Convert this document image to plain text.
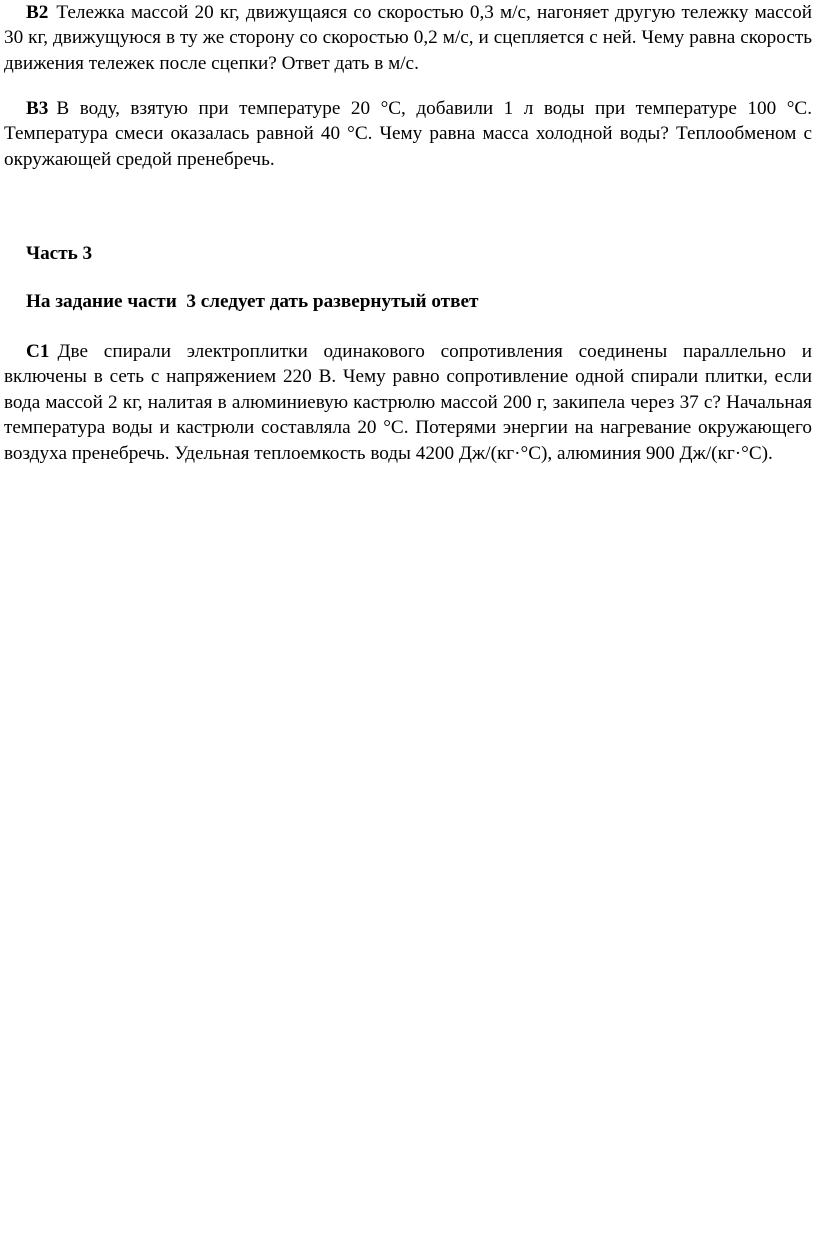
B2 Тележка массой 20 кг, движущаяся со скоростью 0,3 м/с, нагоняет другую тележку массой 30 кг, движущуюся в ту же сторону со скоростью 0,2 м/с, и сцепляется с ней. Чему равна скорость движения тележек после сцепки? Ответ дать в м/с.

B3 В воду, взятую при температуре 20 °С, добавили 1 л воды при температуре 100 °С. Температура смеси оказалась равной 40 °С. Чему равна масса холодной воды? Теплообменом с окружающей средой пренебречь.

Часть 3

На задание части  3 следует дать развернутый ответ

С1 Две спирали электроплитки одинакового сопротивления соединены параллельно и включены в сеть с напряжением 220 В. Чему равно сопротивление одной спирали плитки, если вода массой 2 кг, налитая в алюминиевую кастрюлю массой 200 г, закипела через 37 с? Начальная температура воды и кастрюли составляла 20 °С. Потерями энергии на нагревание окружающего воздуха пренебречь. Удельная теплоемкость воды 4200 Дж/(кг·°С), алюминия 900 Дж/(кг·°С).
